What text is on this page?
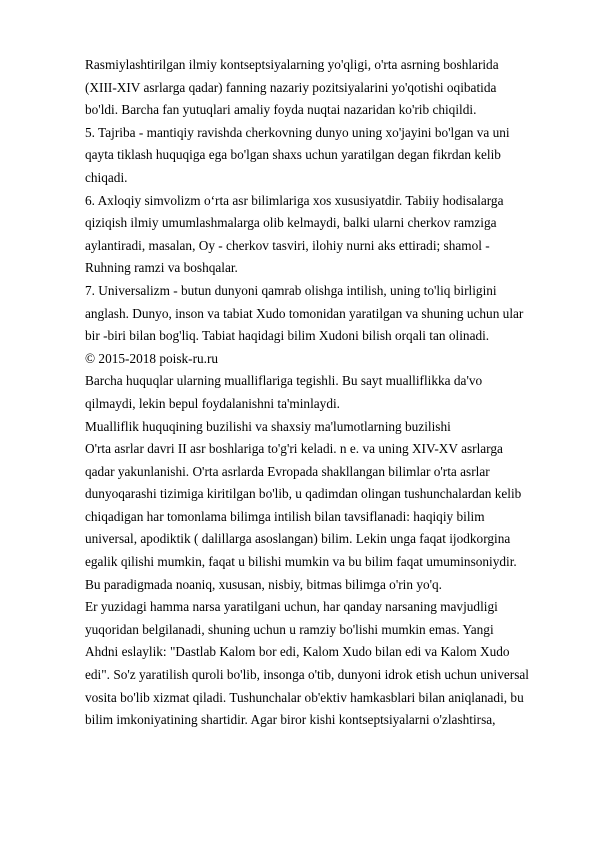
Rasmiylashtirilgan ilmiy kontseptsiyalarning yo'qligi, o'rta asrning boshlarida
(XIII-XIV asrlarga qadar) fanning nazariy pozitsiyalarini yo'qotishi oqibatida
bo'ldi. Barcha fan yutuqlari amaliy foyda nuqtai nazaridan ko'rib chiqildi.
5. Tajriba - mantiqiy ravishda cherkovning dunyo uning xo'jayini bo'lgan va uni
qayta tiklash huquqiga ega bo'lgan shaxs uchun yaratilgan degan fikrdan kelib
chiqadi.
6. Axloqiy simvolizm o‘rta asr bilimlariga xos xususiyatdir. Tabiiy hodisalarga
qiziqish ilmiy umumlashmalarga olib kelmaydi, balki ularni cherkov ramziga
aylantiradi, masalan, Oy - cherkov tasviri, ilohiy nurni aks ettiradi; shamol -
Ruhning ramzi va boshqalar.
7. Universalizm - butun dunyoni qamrab olishga intilish, uning to'liq birligini
anglash. Dunyo, inson va tabiat Xudo tomonidan yaratilgan va shuning uchun ular
bir -biri bilan bog'liq. Tabiat haqidagi bilim Xudoni bilish orqali tan olinadi.
© 2015-2018 poisk-ru.ru
Barcha huquqlar ularning mualliflariga tegishli. Bu sayt mualliflikka da'vo
qilmaydi, lekin bepul foydalanishni ta'minlaydi.
Mualliflik huquqining buzilishi va shaxsiy ma'lumotlarning buzilishi
O'rta asrlar davri II asr boshlariga to'g'ri keladi. n e. va uning XIV-XV asrlarga
qadar yakunlanishi. O'rta asrlarda Evropada shakllangan bilimlar o'rta asrlar
dunyoqarashi tizimiga kiritilgan bo'lib, u qadimdan olingan tushunchalardan kelib
chiqadigan har tomonlama bilimga intilish bilan tavsiflanadi: haqiqiy bilim
universal, apodiktik ( dalillarga asoslangan) bilim. Lekin unga faqat ijodkorgina
egalik qilishi mumkin, faqat u bilishi mumkin va bu bilim faqat umuminsoniydir.
Bu paradigmada noaniq, xususan, nisbiy, bitmas bilimga o'rin yo'q.
Er yuzidagi hamma narsa yaratilgani uchun, har qanday narsaning mavjudligi
yuqoridan belgilanadi, shuning uchun u ramziy bo'lishi mumkin emas. Yangi
Ahdni eslaylik: "Dastlab Kalom bor edi, Kalom Xudo bilan edi va Kalom Xudo
edi". So'z yaratilish quroli bo'lib, insonga o'tib, dunyoni idrok etish uchun universal
vosita bo'lib xizmat qiladi. Tushunchalar ob'ektiv hamkasblari bilan aniqlanadi, bu
bilim imkoniyatining shartidir. Agar biror kishi kontseptsiyalarni o'zlashtirsa,
